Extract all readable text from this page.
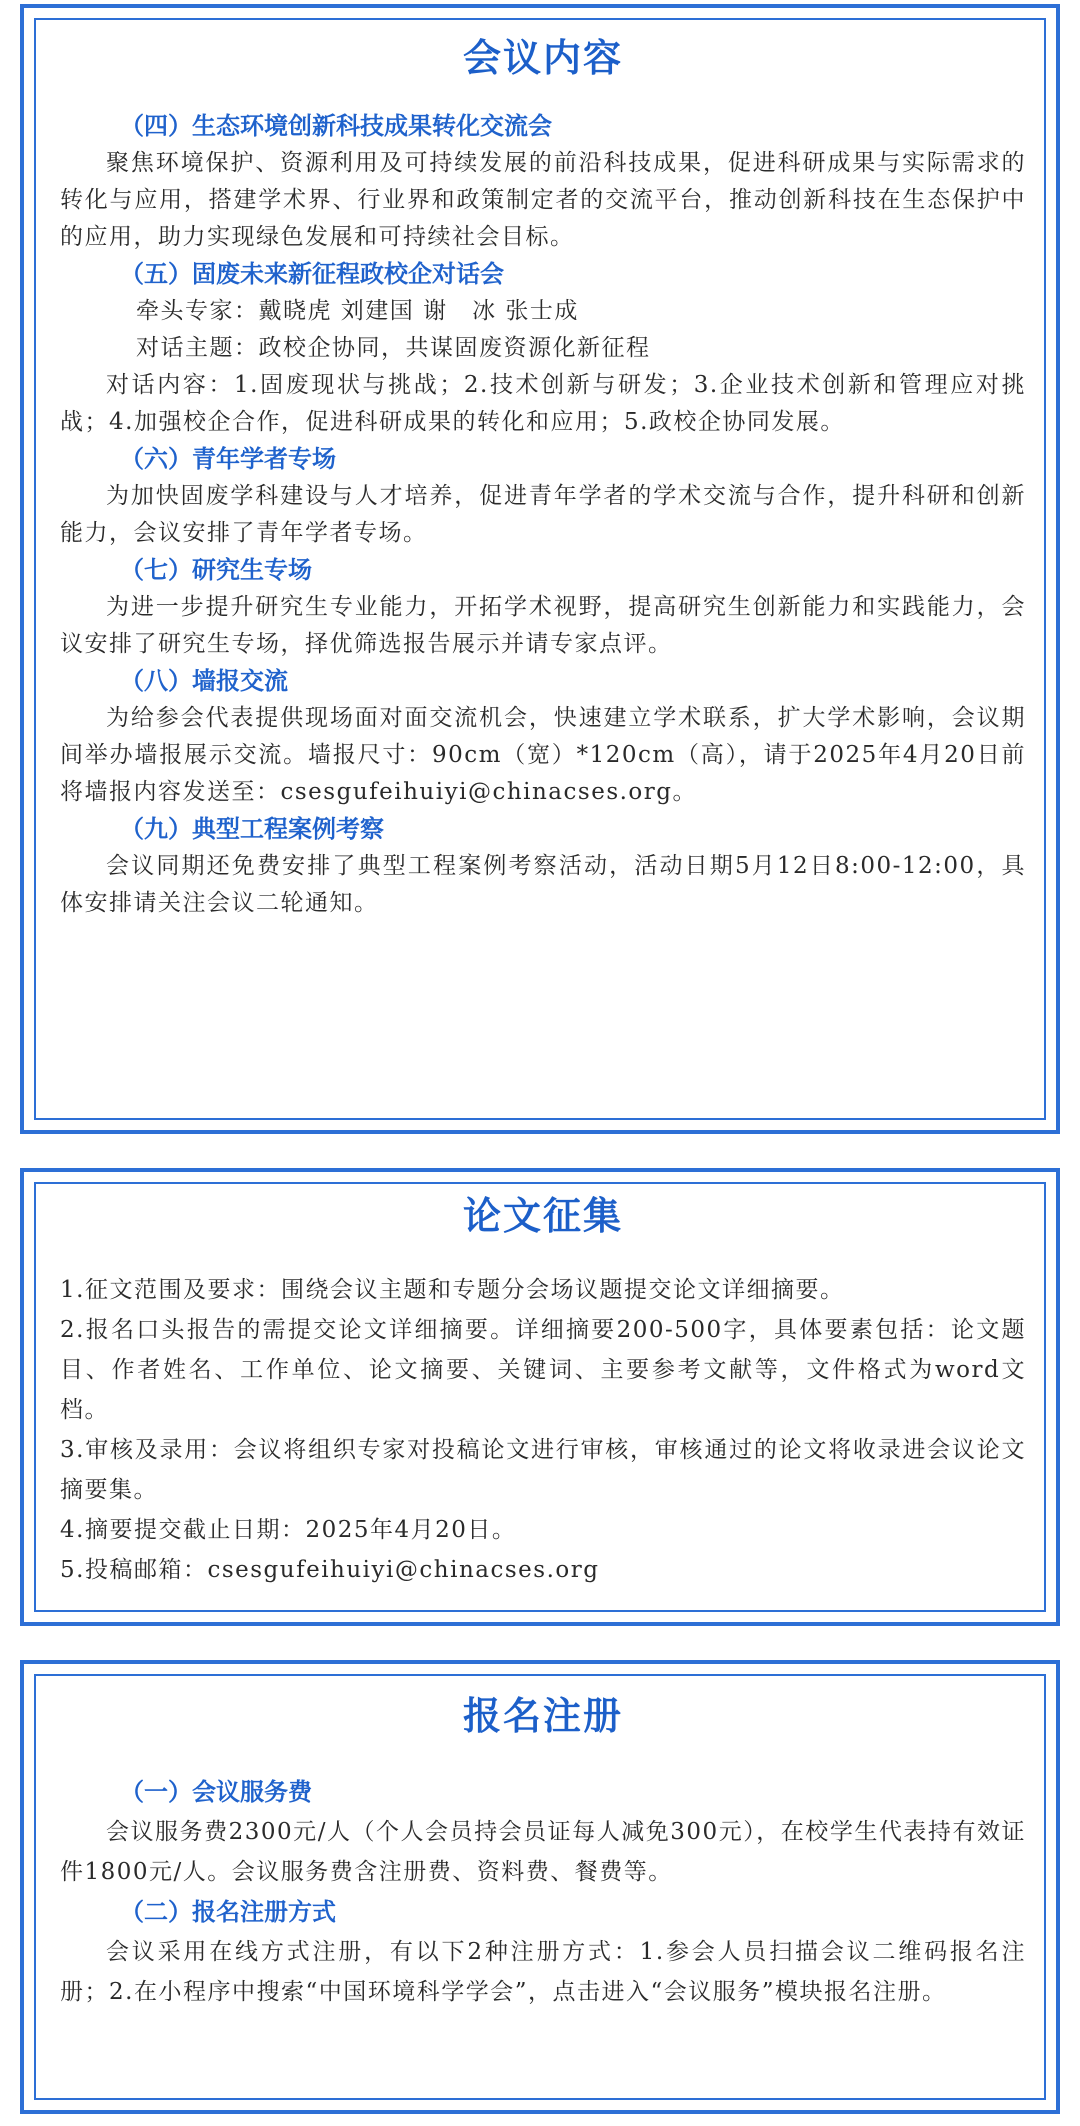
会议内容

（四）生态环境创新科技成果转化交流会

聚焦环境保护、资源利用及可持续发展的前沿科技成果，促进科研成果与实际需求的转化与应用，搭建学术界、行业界和政策制定者的交流平台，推动创新科技在生态保护中的应用，助力实现绿色发展和可持续社会目标。

（五）固废未来新征程政校企对话会

牵头专家：戴晓虎 刘建国 谢　冰 张士成

对话主题：政校企协同，共谋固废资源化新征程

对话内容：1.固废现状与挑战；2.技术创新与研发；3.企业技术创新和管理应对挑战；4.加强校企合作，促进科研成果的转化和应用；5.政校企协同发展。

（六）青年学者专场

为加快固废学科建设与人才培养，促进青年学者的学术交流与合作，提升科研和创新能力，会议安排了青年学者专场。

（七）研究生专场

为进一步提升研究生专业能力，开拓学术视野，提高研究生创新能力和实践能力，会议安排了研究生专场，择优筛选报告展示并请专家点评。

（八）墙报交流

为给参会代表提供现场面对面交流机会，快速建立学术联系，扩大学术影响，会议期间举办墙报展示交流。墙报尺寸：90cm（宽）*120cm（高），请于2025年4月20日前将墙报内容发送至：csesgufeihuiyi@chinacses.org。

（九）典型工程案例考察

会议同期还免费安排了典型工程案例考察活动，活动日期5月12日8:00-12:00，具体安排请关注会议二轮通知。

论文征集

1.征文范围及要求：围绕会议主题和专题分会场议题提交论文详细摘要。

2.报名口头报告的需提交论文详细摘要。详细摘要200-500字，具体要素包括：论文题目、作者姓名、工作单位、论文摘要、关键词、主要参考文献等，文件格式为word文档。

3.审核及录用：会议将组织专家对投稿论文进行审核，审核通过的论文将收录进会议论文摘要集。

4.摘要提交截止日期：2025年4月20日。

5.投稿邮箱：csesgufeihuiyi@chinacses.org

报名注册

（一）会议服务费

会议服务费2300元/人（个人会员持会员证每人减免300元），在校学生代表持有效证件1800元/人。会议服务费含注册费、资料费、餐费等。

（二）报名注册方式

会议采用在线方式注册，有以下2种注册方式：1.参会人员扫描会议二维码报名注册；2.在小程序中搜索“中国环境科学学会”，点击进入“会议服务”模块报名注册。
